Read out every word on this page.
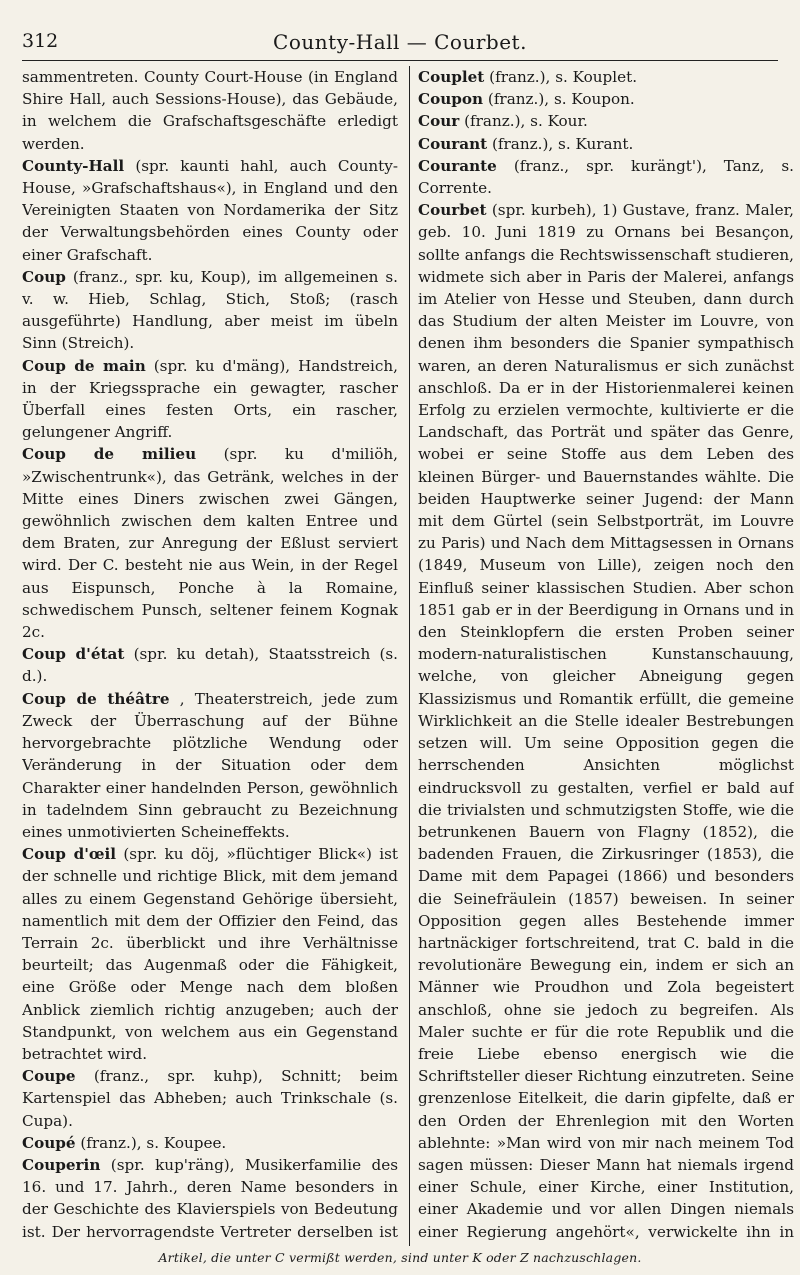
312	County-Hall — Courbet.

sammentreten. County Court-House (in England Shire Hall, auch Sessions-House), das Gebäude, in welchem die Grafschaftsgeschäfte erledigt werden.

County-Hall (spr. kaunti hahl, auch County-House, »Grafschaftshaus«), in England und den Vereinigten Staaten von Nordamerika der Sitz der Verwaltungsbehörden eines County oder einer Grafschaft.

Coup (franz., spr. ku, Koup), im allgemeinen s. v. w. Hieb, Schlag, Stich, Stoß; (rasch ausgeführte) Handlung, aber meist im übeln Sinn (Streich).

Coup de main (spr. ku d'mäng), Handstreich, in der Kriegssprache ein gewagter, rascher Überfall eines festen Orts, ein rascher, gelungener Angriff.

Coup de milieu (spr. ku d'miliöh, »Zwischentrunk«), das Getränk, welches in der Mitte eines Diners zwischen zwei Gängen, gewöhnlich zwischen dem kalten Entree und dem Braten, zur Anregung der Eßlust serviert wird. Der C. besteht nie aus Wein, in der Regel aus Eispunsch, Ponche à la Romaine, schwedischem Punsch, seltener feinem Kognak 2c.

Coup d'état (spr. ku detah), Staatsstreich (s. d.).

Coup de théâtre , Theaterstreich, jede zum Zweck der Überraschung auf der Bühne hervorgebrachte plötzliche Wendung oder Veränderung in der Situation oder dem Charakter einer handelnden Person, gewöhnlich in tadelndem Sinn gebraucht zu Bezeichnung eines unmotivierten Scheineffekts.

Coup d'œil (spr. ku döj, »flüchtiger Blick«) ist der schnelle und richtige Blick, mit dem jemand alles zu einem Gegenstand Gehörige übersieht, namentlich mit dem der Offizier den Feind, das Terrain 2c. überblickt und ihre Verhältnisse beurteilt; das Augenmaß oder die Fähigkeit, eine Größe oder Menge nach dem bloßen Anblick ziemlich richtig anzugeben; auch der Standpunkt, von welchem aus ein Gegenstand betrachtet wird.

Coupe (franz., spr. kuhp), Schnitt; beim Kartenspiel das Abheben; auch Trinkschale (s. Cupa).

Coupé (franz.), s. Koupee.

Couperin (spr. kup'räng), Musikerfamilie des 16. und 17. Jahrh., deren Name besonders in der Geschichte des Klavierspiels von Bedeutung ist. Der hervorragendste Vertreter derselben ist

Couplet (franz.), s. Kouplet.

Coupon (franz.), s. Koupon.

Cour (franz.), s. Kour.

Courant (franz.), s. Kurant.

Courante (franz., spr. kurängt'), Tanz, s. Corrente.

Courbet (spr. kurbeh), 1) Gustave, franz. Maler, geb. 10. Juni 1819 zu Ornans bei Besançon, sollte anfangs die Rechtswissenschaft studieren, widmete sich aber in Paris der Malerei, anfangs im Atelier von Hesse und Steuben, dann durch das Studium der alten Meister im Louvre, von denen ihm besonders die Spanier sympathisch waren, an deren Naturalismus er sich zunächst anschloß. Da er in der Historienmalerei keinen Erfolg zu erzielen vermochte, kultivierte er die Landschaft, das Porträt und später das Genre, wobei er seine Stoffe aus dem Leben des kleinen Bürger- und Bauernstandes wählte. Die beiden Hauptwerke seiner Jugend: der Mann mit dem Gürtel (sein Selbstporträt, im Louvre zu Paris) und Nach dem Mittagsessen in Ornans (1849, Museum von Lille), zeigen noch den Einfluß seiner klassischen Studien. Aber schon 1851 gab er in der Beerdigung in Ornans und in den Steinklopfern die ersten Proben seiner modern-naturalistischen Kunstanschauung, welche, von gleicher Abneigung gegen Klassizismus und Romantik erfüllt, die gemeine Wirklichkeit an die Stelle idealer Bestrebungen setzen will. Um seine Opposition gegen die herrschenden Ansichten möglichst eindrucksvoll zu gestalten, verfiel er bald auf die trivialsten und schmutzigsten Stoffe, wie die betrunkenen Bauern von Flagny (1852), die badenden Frauen, die Zirkusringer (1853), die Dame mit dem Papagei (1866) und besonders die Seinefräulein (1857) beweisen. In seiner Opposition gegen alles Bestehende immer hartnäckiger fortschreitend, trat C. bald in die revolutionäre Bewegung ein, indem er sich an Männer wie Proudhon und Zola begeistert anschloß, ohne sie jedoch zu begreifen. Als Maler suchte er für die rote Republik und die freie Liebe ebenso energisch wie die Schriftsteller dieser Richtung einzutreten. Seine grenzenlose Eitelkeit, die darin gipfelte, daß er den Orden der Ehrenlegion mit den Worten ablehnte: »Man wird von mir nach meinem Tod sagen müssen: Dieser Mann hat niemals irgend einer Schule, einer Kirche, einer Institution, einer Akademie und vor allen Dingen niemals einer Regierung angehört«, verwickelte ihn in

Artikel, die unter C vermißt werden, sind unter K oder Z nachzuschlagen.
